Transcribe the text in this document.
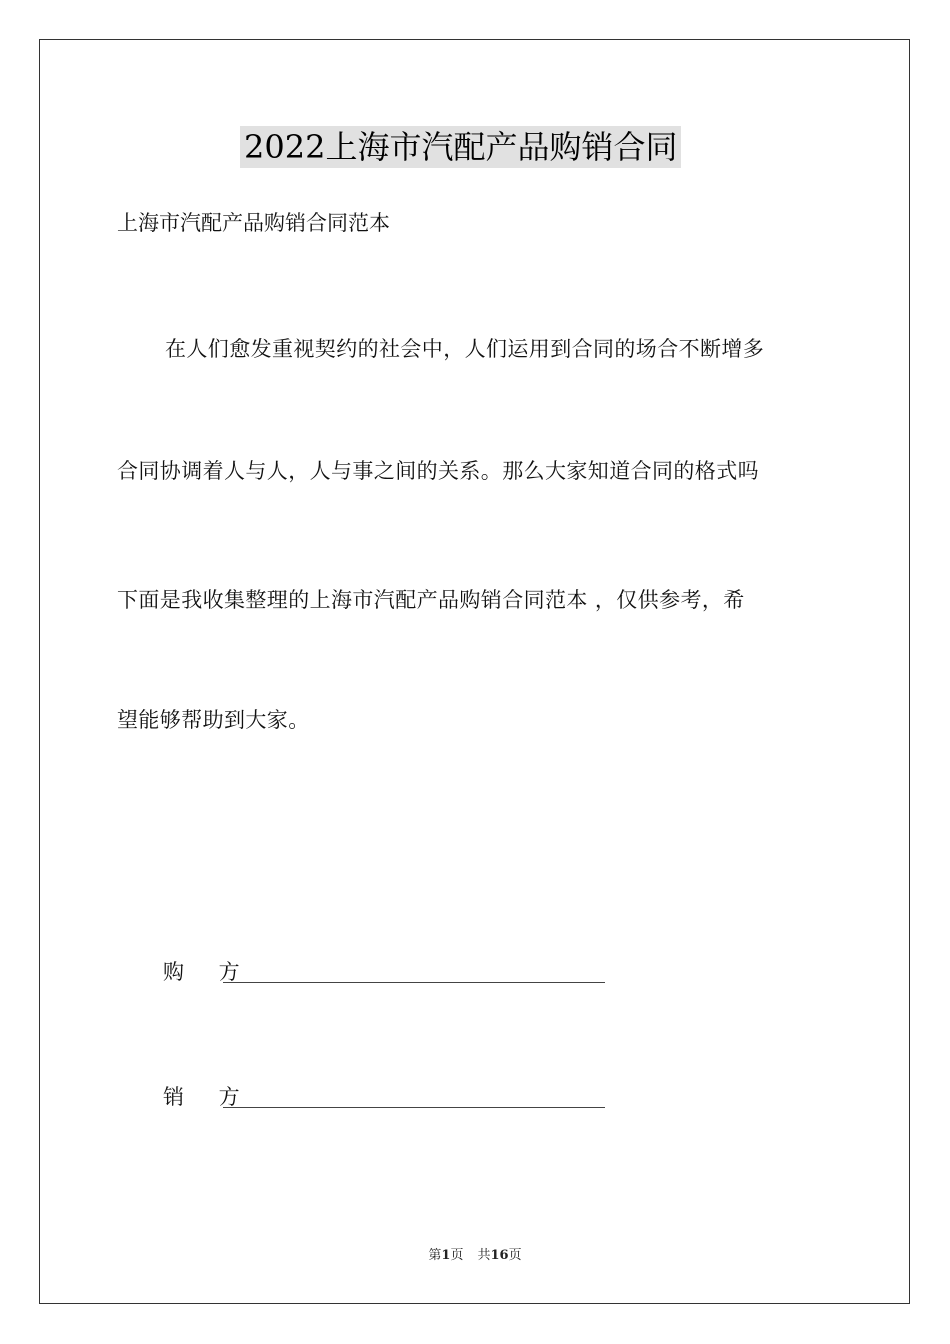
2022上海市汽配产品购销合同
上海市汽配产品购销合同范本
在人们愈发重视契约的社会中，人们运用到合同的场合不断增多
合同协调着人与人，人与事之间的关系。那么大家知道合同的格式吗
下面是我收集整理的上海市汽配产品购销合同范本 ，仅供参考，希
望能够帮助到大家。
购 方
销 方
第1页 共16页
